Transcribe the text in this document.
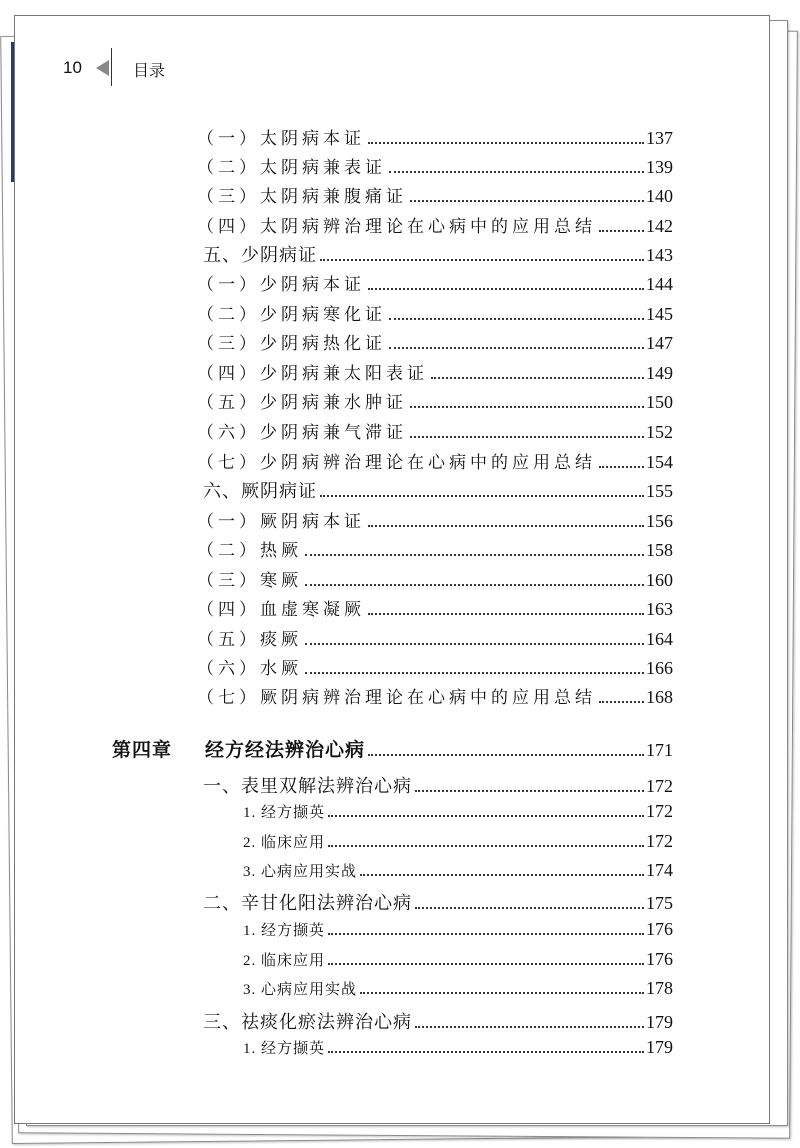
10	目录
（一）太阴病本证	137
（二）太阴病兼表证	139
（三）太阴病兼腹痛证	140
（四）太阴病辨治理论在心病中的应用总结	142
五、少阴病证	143
（一）少阴病本证	144
（二）少阴病寒化证	145
（三）少阴病热化证	147
（四）少阴病兼太阳表证	149
（五）少阴病兼水肿证	150
（六）少阴病兼气滞证	152
（七）少阴病辨治理论在心病中的应用总结	154
六、厥阴病证	155
（一）厥阴病本证	156
（二）热厥	158
（三）寒厥	160
（四）血虚寒凝厥	163
（五）痰厥	164
（六）水厥	166
（七）厥阴病辨治理论在心病中的应用总结	168
第四章 经方经法辨治心病	171
一、表里双解法辨治心病	172
1. 经方撷英	172
2. 临床应用	172
3. 心病应用实战	174
二、辛甘化阳法辨治心病	175
1. 经方撷英	176
2. 临床应用	176
3. 心病应用实战	178
三、祛痰化瘀法辨治心病	179
1. 经方撷英	179
